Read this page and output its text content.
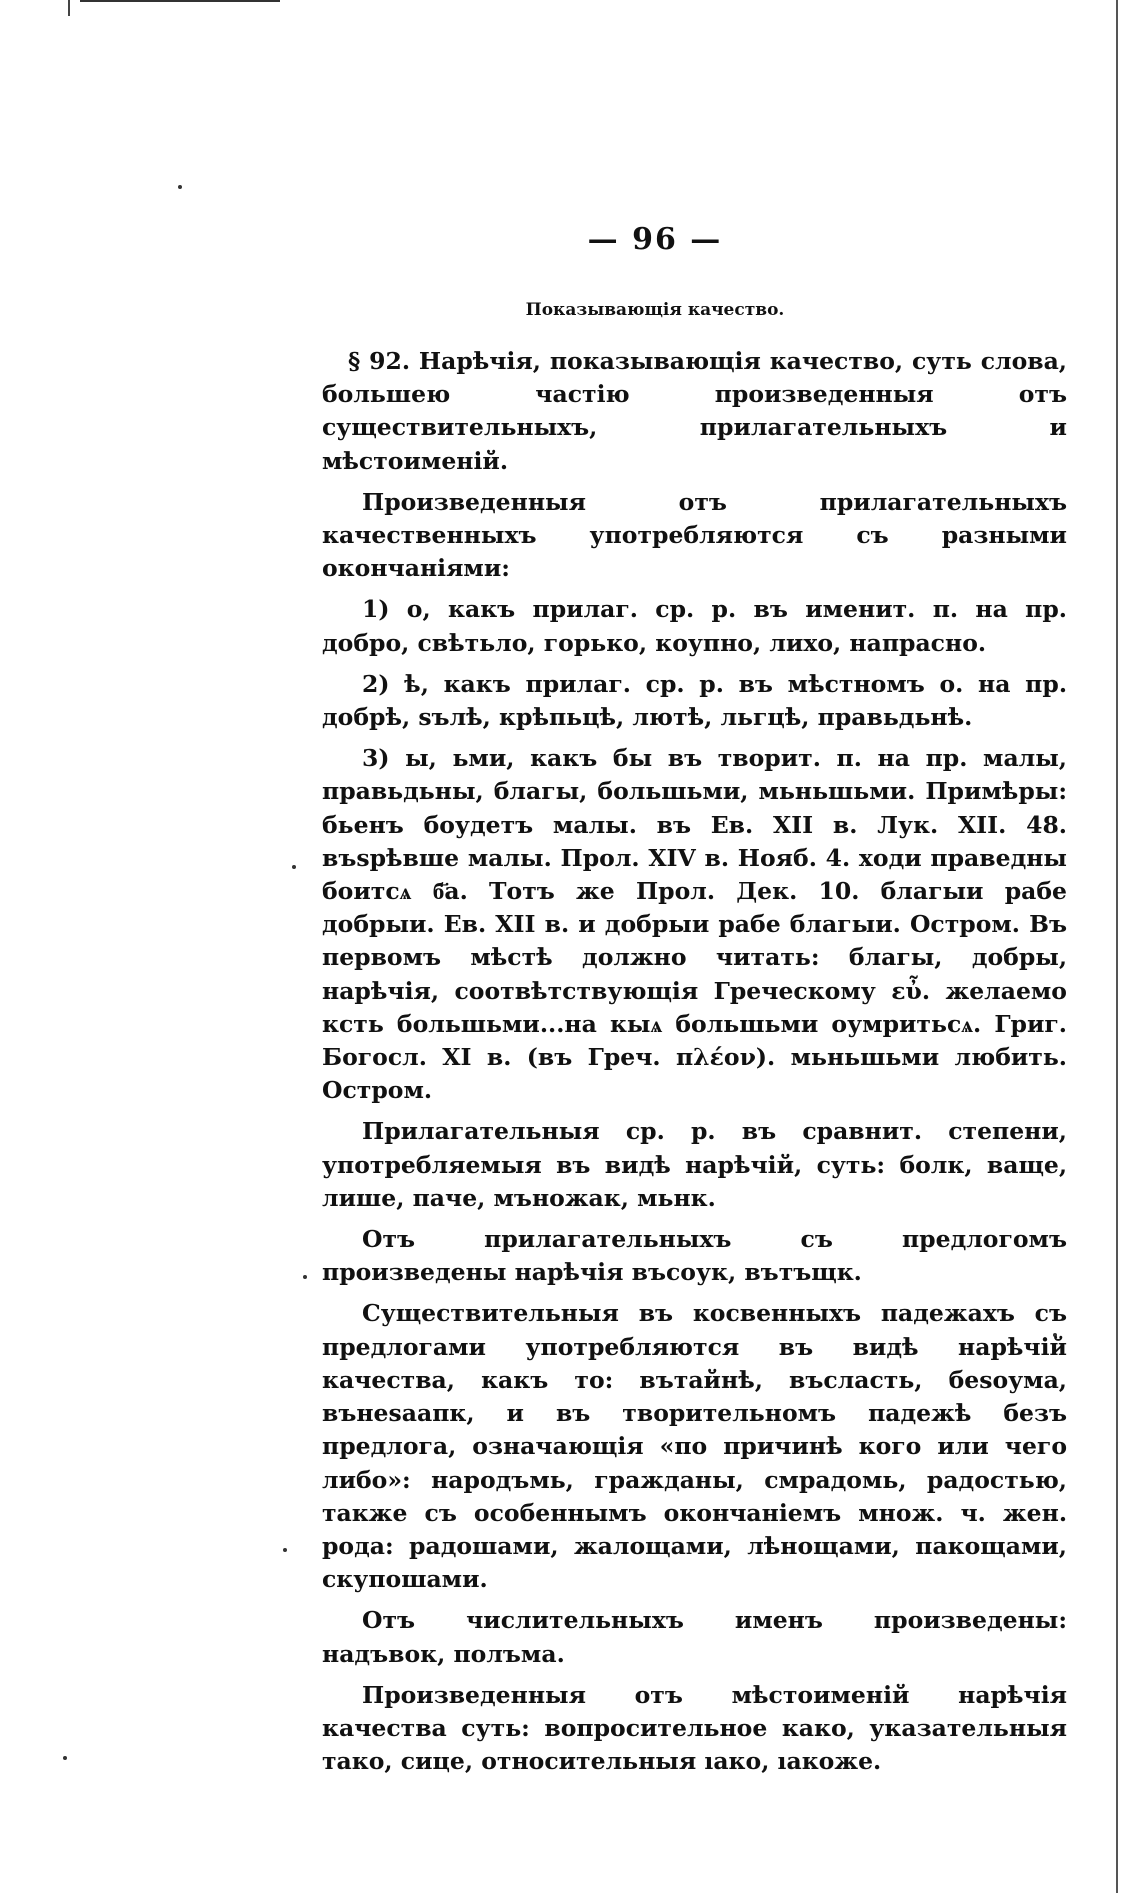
— 96 —
Показывающія качество.

§ 92. Нарѣчія, показывающія качество, суть слова, большею частію произведенныя отъ существительныхъ, прилагательныхъ и мѣстоименій.

Произведенныя отъ прилагательныхъ качественныхъ употребляются съ разными окончаніями:

1) о, какъ прилаг. ср. р. въ именит. п. на пр. добро, свѣтьло, горько, коупно, лихо, напрасно.

2) ѣ, какъ прилаг. ср. р. въ мѣстномъ о. на пр. добрѣ, ѕълѣ, крѣпьцѣ, лютѣ, льгцѣ, правьдьнѣ.

3) ы, ьми, какъ бы въ творит. п. на пр. малы, правьдьны, благы, большьми, мьньшьми. Примѣры: бьенъ боудетъ малы. въ Ев. XII в. Лук. XII. 48. въѕрѣвше малы. Прол. XIV в. Нояб. 4. ходи праведны боитсѧ б҃а. Тотъ же Прол. Дек. 10. благыи рабе добрыи. Ев. XII в. и добрыи рабе благыи. Остром. Въ первомъ мѣстѣ должно читать: благы, добры, нарѣчія, соотвѣтствующія Греческому εὖ. желаемо ксть большьми...на кыѧ большьми оумритьсѧ. Григ. Богосл. XI в. (въ Греч. πλέον). мьньшьми любить. Остром.

Прилагательныя ср. р. въ сравнит. степени, употребляемыя въ видѣ нарѣчій, суть: болк, ваще, лише, паче, мъножак, мьнк.

Отъ прилагательныхъ съ предлогомъ произведены нарѣчія въсоук, вътъщк.

Существительныя въ косвенныхъ падежахъ съ предлогами употребляются въ видѣ нарѣчій качества, какъ то: вътайнѣ, въсласть, беѕоума, вънеѕаапк, и въ творительномъ падежѣ безъ предлога, означающія «по причинѣ кого или чего либо»: народъмь, граждaны, смрадомь, радостью, также съ особеннымъ окончаніемъ множ. ч. жен. рода: радошами, жалощами, лѣнощами, пакощами, скупошами.

Отъ числительныхъ именъ произведены: надъвок, полъма.

Произведенныя отъ мѣстоименій нарѣчія качества суть: вопросительное како, указательныя тако, сице, относительныя ıако, ıакоже.
